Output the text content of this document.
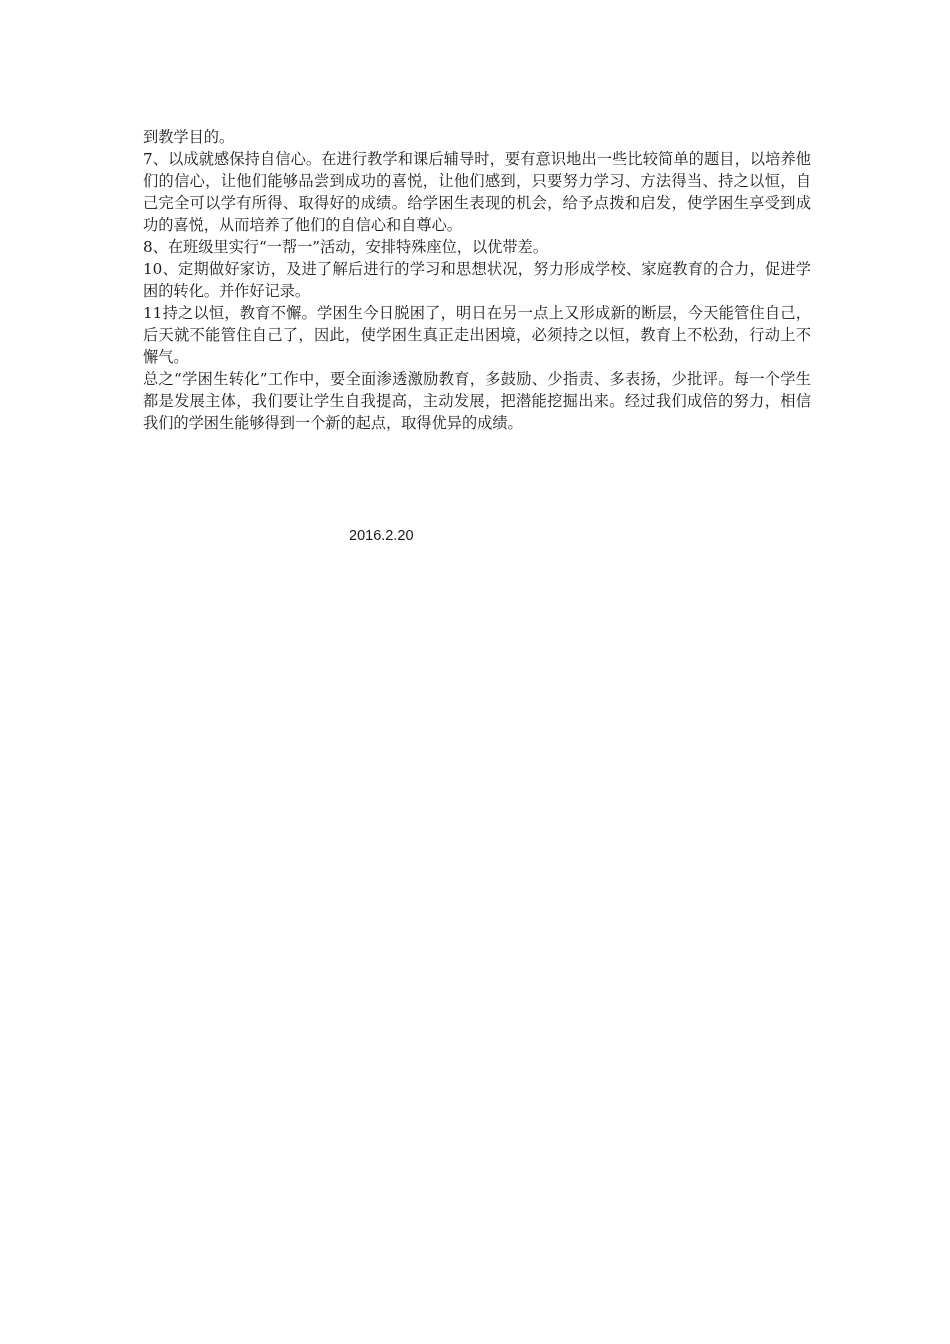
到教学目的。

7、以成就感保持自信心。在进行教学和课后辅导时，要有意识地出一些比较简单的题目，以培养他们的信心，让他们能够品尝到成功的喜悦，让他们感到，只要努力学习、方法得当、持之以恒，自己完全可以学有所得、取得好的成绩。给学困生表现的机会，给予点拨和启发，使学困生享受到成功的喜悦，从而培养了他们的自信心和自尊心。

8、在班级里实行“一帮一”活动，安排特殊座位，以优带差。

10、定期做好家访，及进了解后进行的学习和思想状况，努力形成学校、家庭教育的合力，促进学困的转化。并作好记录。

11持之以恒，教育不懈。学困生今日脱困了，明日在另一点上又形成新的断层，今天能管住自己，后天就不能管住自己了，因此，使学困生真正走出困境，必须持之以恒，教育上不松劲，行动上不懈气。

总之“学困生转化”工作中，要全面渗透激励教育，多鼓励、少指责、多表扬，少批评。每一个学生都是发展主体，我们要让学生自我提高，主动发展，把潜能挖掘出来。经过我们成倍的努力，相信我们的学困生能够得到一个新的起点，取得优异的成绩。

2016.2.20
